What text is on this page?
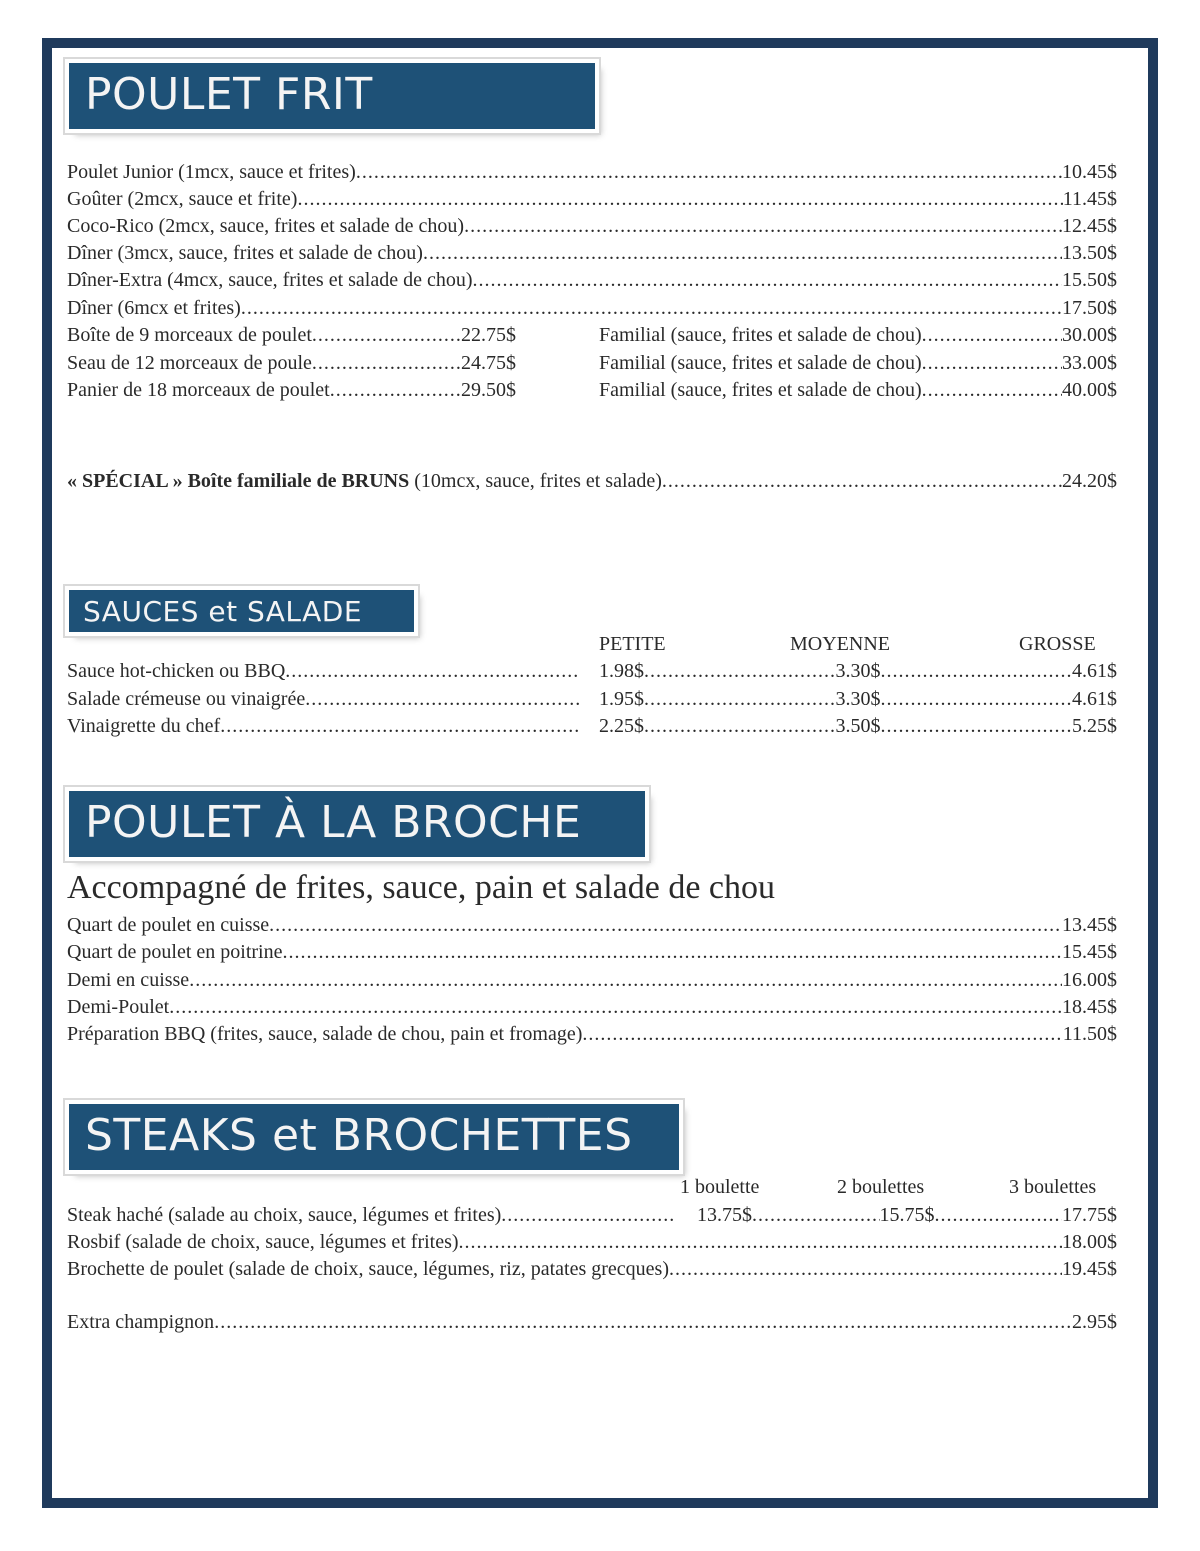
POULET FRIT
Poulet Junior (1mcx, sauce et frites) .....	10.45$
Goûter (2mcx, sauce et frite) .....	11.45$
Coco-Rico (2mcx, sauce, frites et salade de chou) .....	12.45$
Dîner (3mcx, sauce, frites et salade de chou) .....	13.50$
Dîner-Extra (4mcx, sauce, frites et salade de chou) .....	15.50$
Dîner (6mcx et frites) .....	17.50$
Boîte de 9 morceaux de poulet .....	22.75$	Familial (sauce, frites et salade de chou) .....	30.00$
Seau de 12 morceaux de poule .....	24.75$	Familial (sauce, frites et salade de chou) .....	33.00$
Panier de 18 morceaux de poulet .....	29.50$	Familial (sauce, frites et salade de chou) .....	40.00$
« SPÉCIAL » Boîte familiale de BRUNS (10mcx, sauce, frites et salade) .....	24.20$
SAUCES et SALADE
PETITE	MOYENNE	GROSSE
Sauce hot-chicken ou BBQ .....	1.98$ .....	3.30$ .....	4.61$
Salade crémeuse ou vinaigrée .....	1.95$ .....	3.30$ .....	4.61$
Vinaigrette du chef .....	2.25$ .....	3.50$ .....	5.25$
POULET À LA BROCHE
Accompagné de frites, sauce, pain et salade de chou
Quart de poulet en cuisse .....	13.45$
Quart de poulet en poitrine .....	15.45$
Demi en cuisse .....	16.00$
Demi-Poulet .....	18.45$
Préparation BBQ (frites, sauce, salade de chou, pain et fromage) .....	11.50$
STEAKS et BROCHETTES
1 boulette	2 boulettes	3 boulettes
Steak haché (salade au choix, sauce, légumes et frites) .....	13.75$ .....	15.75$ .....	17.75$
Rosbif (salade de choix, sauce, légumes et frites) .....	18.00$
Brochette de poulet (salade de choix, sauce, légumes, riz, patates grecques) .....	19.45$
Extra champignon .....	2.95$
